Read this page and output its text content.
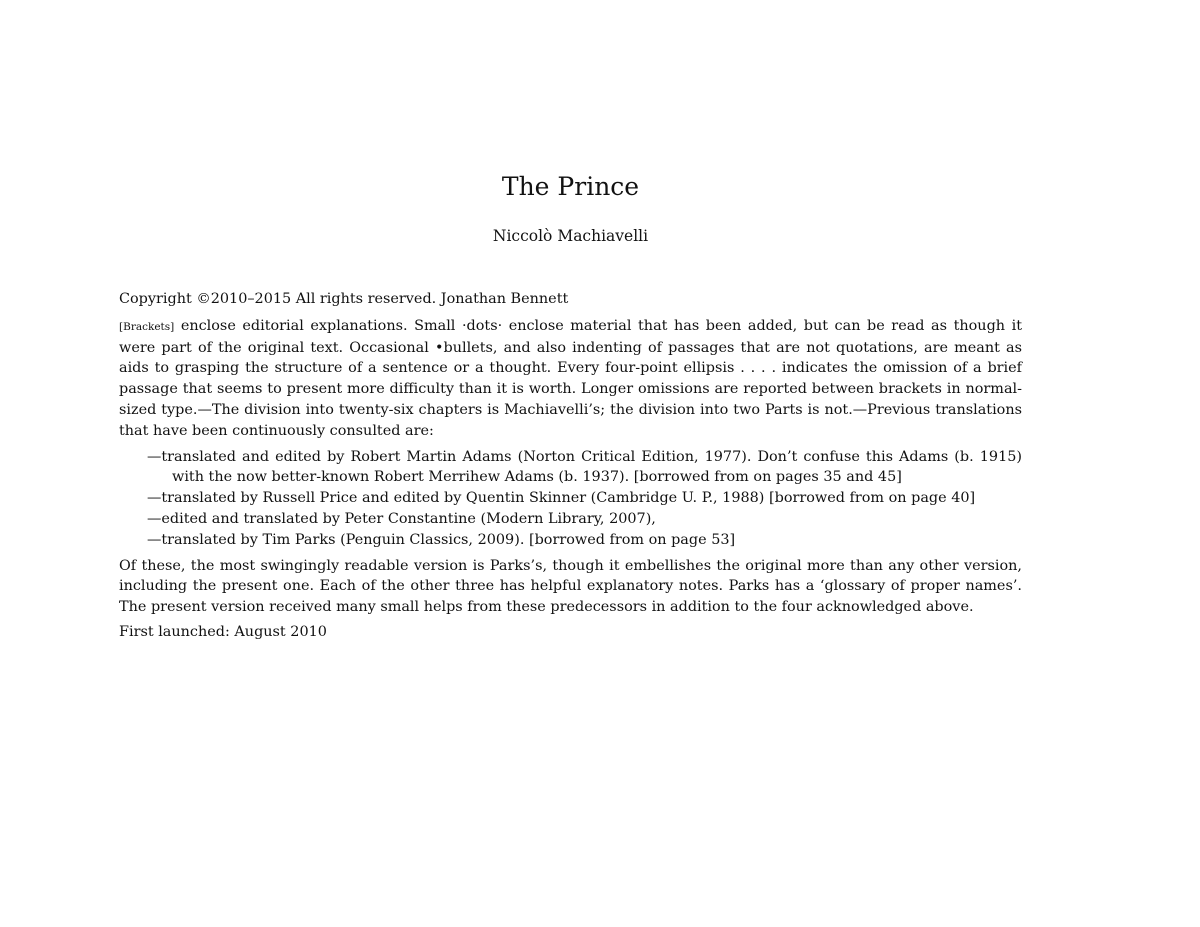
The Prince
Niccolò Machiavelli

Copyright ©2010–2015 All rights reserved. Jonathan Bennett

[Brackets] enclose editorial explanations. Small ·dots· enclose material that has been added, but can be read as though it were part of the original text. Occasional •bullets, and also indenting of passages that are not quotations, are meant as aids to grasping the structure of a sentence or a thought. Every four-point ellipsis . . . . indicates the omission of a brief passage that seems to present more difficulty than it is worth. Longer omissions are reported between brackets in normal-sized type.—The division into twenty-six chapters is Machiavelli’s; the division into two Parts is not.—Previous translations that have been continuously consulted are:

—translated and edited by Robert Martin Adams (Norton Critical Edition, 1977). Don’t confuse this Adams (b. 1915) with the now better-known Robert Merrihew Adams (b. 1937). [borrowed from on pages 35 and 45]
—translated by Russell Price and edited by Quentin Skinner (Cambridge U. P., 1988) [borrowed from on page 40]
—edited and translated by Peter Constantine (Modern Library, 2007),
—translated by Tim Parks (Penguin Classics, 2009). [borrowed from on page 53]

Of these, the most swingingly readable version is Parks’s, though it embellishes the original more than any other version, including the present one. Each of the other three has helpful explanatory notes. Parks has a ‘glossary of proper names’. The present version received many small helps from these predecessors in addition to the four acknowledged above.

First launched: August 2010
